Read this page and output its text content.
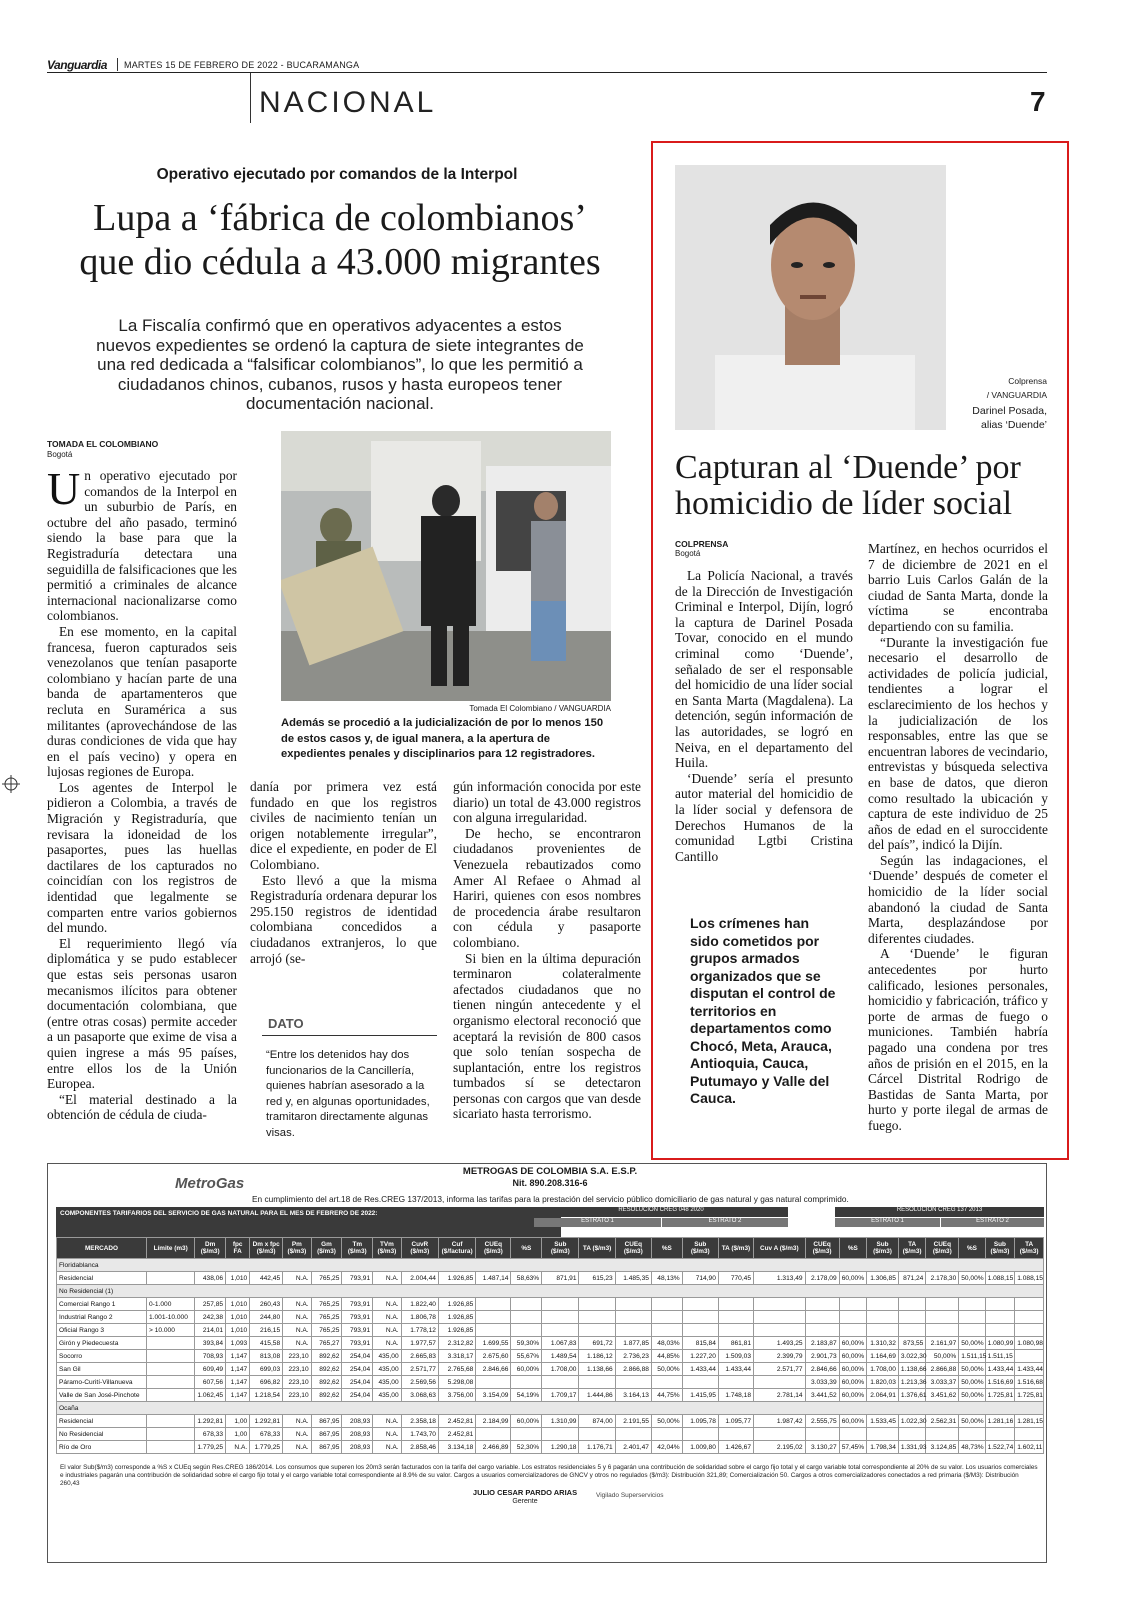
Vanguardia MARTES 15 DE FEBRERO DE 2022 - BUCARAMANGA
NACIONAL	7
Operativo ejecutado por comandos de la Interpol
Lupa a ‘fábrica de colombianos’
que dio cédula a 43.000 migrantes
La Fiscalía confirmó que en operativos adyacentes a estos nuevos expedientes se ordenó la captura de siete integrantes de una red dedicada a “falsificar colombianos”, lo que les permitió a ciudadanos chinos, cubanos, rusos y hasta europeos tener documentación nacional.
TOMADA EL COLOMBIANO
Bogotá

Un operativo ejecutado por comandos de la Interpol en un suburbio de París, en octubre del año pasado, terminó siendo la base para que la Registraduría detectara una seguidilla de falsificaciones que les permitió a criminales de alcance internacional nacionalizarse como colombianos.

En ese momento, en la capital francesa, fueron capturados seis venezolanos que tenían pasaporte colombiano y hacían parte de una banda de apartamenteros que recluta en Suramérica a sus militantes (aprovechándose de las duras condiciones de vida que hay en el país vecino) y opera en lujosas regiones de Europa.

Los agentes de Interpol le pidieron a Colombia, a través de Migración y Registraduría, que revisara la idoneidad de los pasaportes, pues las huellas dactilares de los capturados no coincidían con los registros de identidad que legalmente se comparten entre varios gobiernos del mundo.

El requerimiento llegó vía diplomática y se pudo establecer que estas seis personas usaron mecanismos ilícitos para obtener documentación colombiana, que (entre otras cosas) permite acceder a un pasaporte que exime de visa a quien ingrese a más 95 países, entre ellos los de la Unión Europea.

“El material destinado a la obtención de cédula de ciuda-

Tomada El Colombiano / VANGUARDIA
Además se procedió a la judicialización de por lo menos 150 de estos casos y, de igual manera, a la apertura de expedientes penales y disciplinarios para 12 registradores.

danía por primera vez está fundado en que los registros civiles de nacimiento tenían un origen notablemente irregular”, dice el expediente, en poder de El Colombiano.

Esto llevó a que la misma Registraduría ordenara depurar los 295.150 registros de identidad colombiana concedidos a ciudadanos extranjeros, lo que arrojó (se-

DATO
“Entre los detenidos hay dos funcionarios de la Cancillería, quienes habrían asesorado a la red y, en algunas oportunidades, tramitaron directamente algunas visas.

gún información conocida por este diario) un total de 43.000 registros con alguna irregularidad.

De hecho, se encontraron ciudadanos provenientes de Venezuela rebautizados como Amer Al Refaee o Ahmad al Hariri, quienes con esos nombres de procedencia árabe resultaron con cédula y pasaporte colombiano.

Si bien en la última depuración terminaron colateralmente afectados ciudadanos que no tienen ningún antecedente y el organismo electoral reconoció que aceptará la revisión de 800 casos que solo tenían sospecha de suplantación, entre los registros tumbados sí se detectaron personas con cargos que van desde sicariato hasta terrorismo.

Colprensa
/ VANGUARDIA
Darinel Posada,
alias ‘Duende’
Capturan al ‘Duende’ por
homicidio de líder social
COLPRENSA
Bogotá

La Policía Nacional, a través de la Dirección de Investigación Criminal e Interpol, Dijín, logró la captura de Darinel Posada Tovar, conocido en el mundo criminal como ‘Duende’, señalado de ser el responsable del homicidio de una líder social en Santa Marta (Magdalena). La detención, según información de las autoridades, se logró en Neiva, en el departamento del Huila.

‘Duende’ sería el presunto autor material del homicidio de la líder social y defensora de Derechos Humanos de la comunidad Lgtbi Cristina Cantillo

Los crímenes han sido cometidos por grupos armados organizados que se disputan el control de territorios en departamentos como Chocó, Meta, Arauca, Antioquia, Cauca, Putumayo y Valle del Cauca.

Martínez, en hechos ocurridos el 7 de diciembre de 2021 en el barrio Luis Carlos Galán de la ciudad de Santa Marta, donde la víctima se encontraba departiendo con su familia.

“Durante la investigación fue necesario el desarrollo de actividades de policía judicial, tendientes a lograr el esclarecimiento de los hechos y la judicialización de los responsables, entre las que se encuentran labores de vecindario, entrevistas y búsqueda selectiva en base de datos, que dieron como resultado la ubicación y captura de este individuo de 25 años de edad en el suroccidente del país”, indicó la Dijín.

Según las indagaciones, el ‘Duende’ después de cometer el homicidio de la líder social abandonó la ciudad de Santa Marta, desplazándose por diferentes ciudades.

A ‘Duende’ le figuran antecedentes por hurto calificado, lesiones personales, homicidio y fabricación, tráfico y porte de armas de fuego o municiones. También habría pagado una condena por tres años de prisión en el 2015, en la Cárcel Distrital Rodrigo de Bastidas de Santa Marta, por hurto y porte ilegal de armas de fuego.

MetroGas
METROGAS DE COLOMBIA S.A. E.S.P.
Nit. 890.208.316-6
En cumplimiento del art.18 de Res.CREG 137/2013, informa las tarifas para la prestación del servicio público domiciliario de gas natural y gas natural comprimido.
COMPONENTES TARIFARIOS DEL SERVICIO DE GAS NATURAL PARA EL MES DE FEBRERO DE 2022:	RESOLUCIÓN CREG 048 2020	RESOLUCIÓN CREG 137 2013
ESTRATO 1	ESTRATO 2	ESTRATO 1	ESTRATO 2
MERCADO	Límite (m3)	Dm ($/m3)	fpc FA	Dm x fpc ($/m3)	Pm ($/m3)	Gm ($/m3)	Tm ($/m3)	TVm ($/m3)	CuvR ($/m3)	Cuf ($/factura)	CUEq ($/m3)	%S	Sub ($/m3)	TA ($/m3)	CUEq ($/m3)	%S	Sub ($/m3)	TA ($/m3)	Cuv A ($/m3)	CUEq ($/m3)	%S	Sub ($/m3)	TA ($/m3)	CUEq ($/m3)	%S	Sub ($/m3)	TA ($/m3)
Floridablanca																											
Residencial		438,06	1,010	442,45	N.A.	765,25	793,91	N.A.	2.004,44	1.926,85	1.487,14	58,63%	871,91	615,23	1.485,35	48,13%	714,90	770,45	1.313,49	2.178,09	60,00%	1.306,85	871,24	2.178,30	50,00%	1.088,15	1.088,15
No Residencial (1)																											
Comercial Rango 1	0-1.000	257,85	1,010	260,43	N.A.	765,25	793,91	N.A.	1.822,40	1.926,85																	
Industrial Rango 2	1.001-10.000	242,38	1,010	244,80	N.A.	765,25	793,91	N.A.	1.806,78	1.926,85																	
Oficial Rango 3	> 10.000	214,01	1,010	216,15	N.A.	765,25	793,91	N.A.	1.778,12	1.926,85																	
Girón y Piedecuesta		393,84	1,093	415,58	N.A.	765,27	793,91	N.A.	1.977,57	2.312,82	1.699,55	59,30%	1.067,83	691,72	1.877,85	48,03%	815,84	861,81	1.493,25	2.183,87	60,00%	1.310,32	873,55	2.161,97	50,00%	1.080,99	1.080,98
Socorro		708,93	1,147	813,08	223,10	892,62	254,04	435,00	2.665,83	3.318,17	2.675,60	55,67%	1.489,54	1.186,12	2.736,23	44,85%	1.227,20	1.509,03	2.399,79	2.901,73	60,00%	1.164,69	3.022,30	50,00%	1.511,15	1.511,15	
San Gil		609,49	1,147	699,03	223,10	892,62	254,04	435,00	2.571,77	2.765,68	2.846,66	60,00%	1.708,00	1.138,66	2.866,88	50,00%	1.433,44	1.433,44	2.571,77	2.846,66	60,00%	1.708,00	1.138,66	2.866,88	50,00%	1.433,44	1.433,44
Páramo-Curití-Villanueva		607,56	1,147	696,82	223,10	892,62	254,04	435,00	2.569,56	5.298,08										3.033,39	60,00%	1.820,03	1.213,36	3.033,37	50,00%	1.516,69	1.516,68
Valle de San José-Pinchote		1.062,45	1,147	1.218,54	223,10	892,62	254,04	435,00	3.068,63	3.756,00	3.154,09	54,19%	1.709,17	1.444,86	3.164,13	44,75%	1.415,95	1.748,18	2.781,14	3.441,52	60,00%	2.064,91	1.376,61	3.451,62	50,00%	1.725,81	1.725,81
Ocaña																											
Residencial		1.292,81	1,00	1.292,81	N.A.	867,95	208,93	N.A.	2.358,18	2.452,81	2.184,99	60,00%	1.310,99	874,00	2.191,55	50,00%	1.095,78	1.095,77	1.987,42	2.555,75	60,00%	1.533,45	1.022,30	2.562,31	50,00%	1.281,16	1.281,15
No Residencial		678,33	1,00	678,33	N.A.	867,95	208,93	N.A.	1.743,70	2.452,81																	
Río de Oro		1.779,25	N.A.	1.779,25	N.A.	867,95	208,93	N.A.	2.858,46	3.134,18	2.466,89	52,30%	1.290,18	1.176,71	2.401,47	42,04%	1.009,80	1.426,67	2.195,02	3.130,27	57,45%	1.798,34	1.331,93	3.124,85	48,73%	1.522,74	1.602,11
El valor Sub($/m3) corresponde a %S x CUEq según Res.CREG 186/2014. Los consumos que superen los 20m3 serán facturados con la tarifa del cargo variable. Los estratos residenciales 5 y 6 pagarán una contribución de solidaridad sobre el cargo fijo total y el cargo variable total correspondiente al 20% de su valor. Los usuarios comerciales e industriales pagarán una contribución de solidaridad sobre el cargo fijo total y el cargo variable total correspondiente al 8.9% de su valor. Cargos a usuarios comercializadores de GNCV y otros no regulados ($/m3): Distribución 321,89; Comercialización 50. Cargos a otros comercializadores conectados a red primaria ($/M3): Distribución 260,43
JULIO CESAR PARDO ARIAS
Gerente
Vigilado Superservicios
